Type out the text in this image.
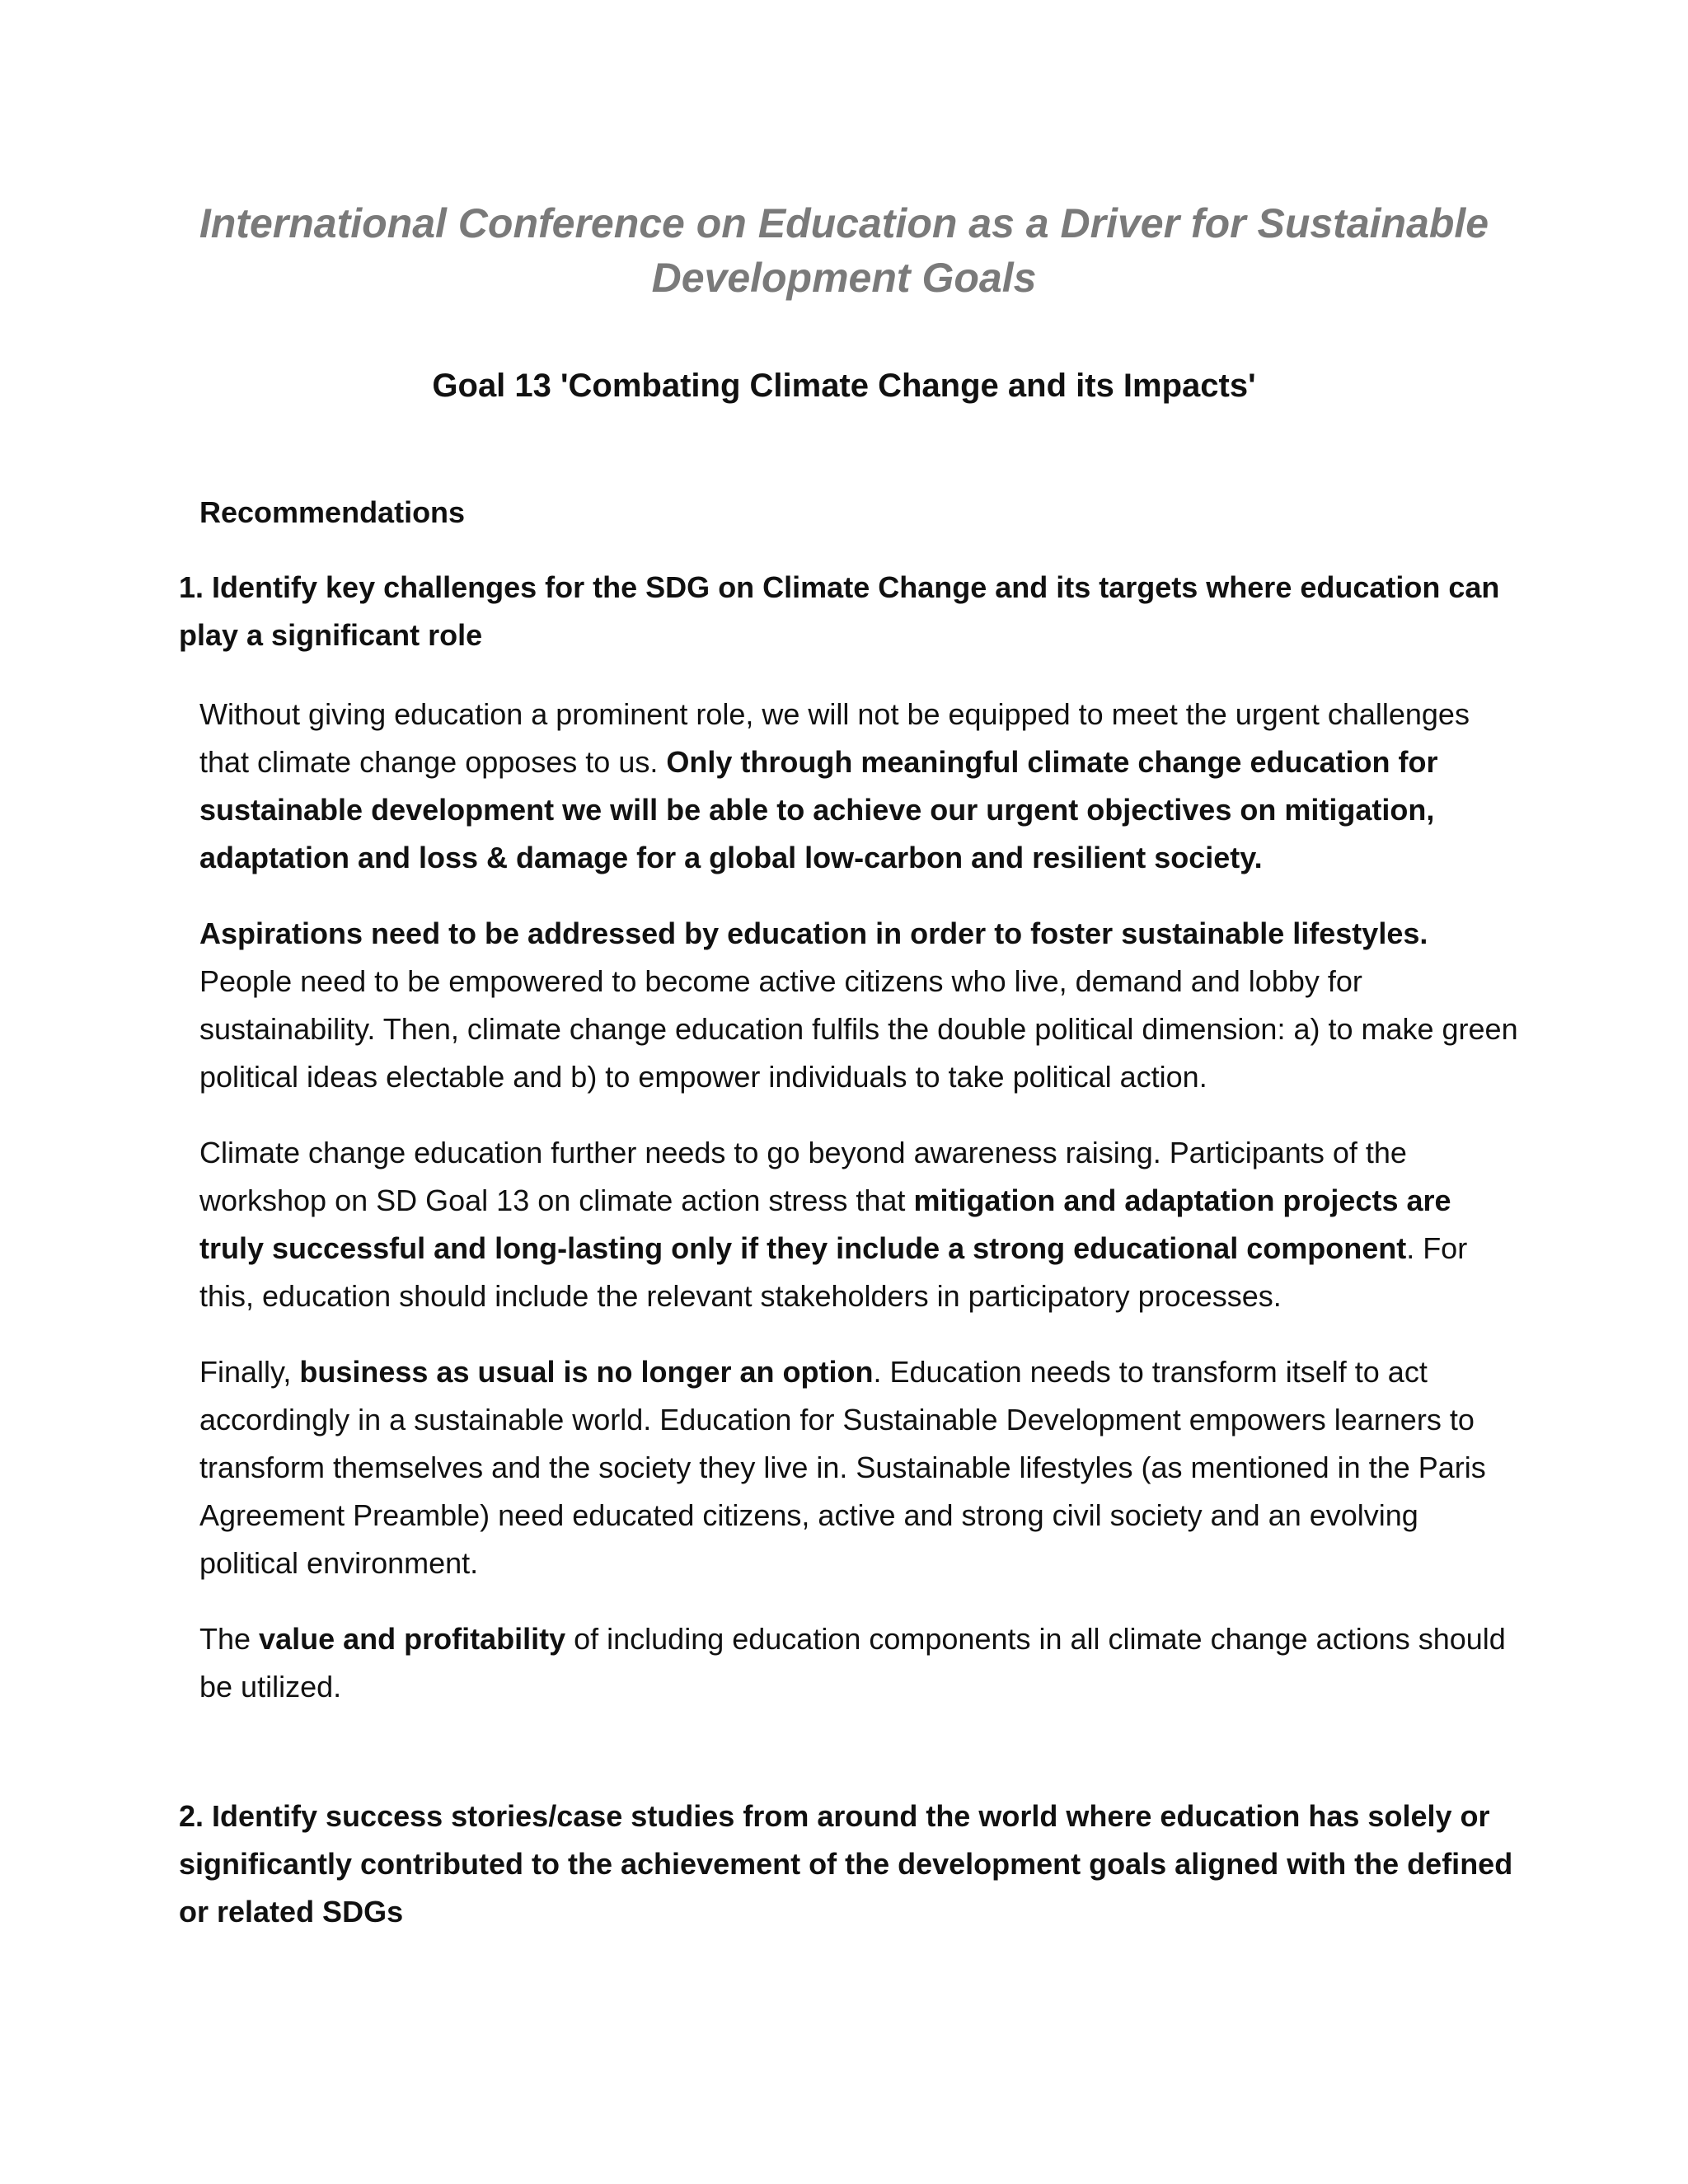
International Conference on Education as a Driver for Sustainable Development Goals
Goal 13 'Combating Climate Change and its Impacts'
Recommendations
1. Identify key challenges for the SDG on Climate Change and its targets where education can play a significant role

Without giving education a prominent role, we will not be equipped to meet the urgent challenges that climate change opposes to us. Only through meaningful climate change education for sustainable development we will be able to achieve our urgent objectives on mitigation, adaptation and loss & damage for a global low-carbon and resilient society.

Aspirations need to be addressed by education in order to foster sustainable lifestyles. People need to be empowered to become active citizens who live, demand and lobby for sustainability. Then, climate change education fulfils the double political dimension: a) to make green political ideas electable and b) to empower individuals to take political action.

Climate change education further needs to go beyond awareness raising. Participants of the workshop on SD Goal 13 on climate action stress that mitigation and adaptation projects are truly successful and long-lasting only if they include a strong educational component. For this, education should include the relevant stakeholders in participatory processes.

Finally, business as usual is no longer an option. Education needs to transform itself to act accordingly in a sustainable world. Education for Sustainable Development empowers learners to transform themselves and the society they live in. Sustainable lifestyles (as mentioned in the Paris Agreement Preamble) need educated citizens, active and strong civil society and an evolving political environment.

The value and profitability of including education components in all climate change actions should be utilized.

2. Identify success stories/case studies from around the world where education has solely or significantly contributed to the achievement of the development goals aligned with the defined or related SDGs
